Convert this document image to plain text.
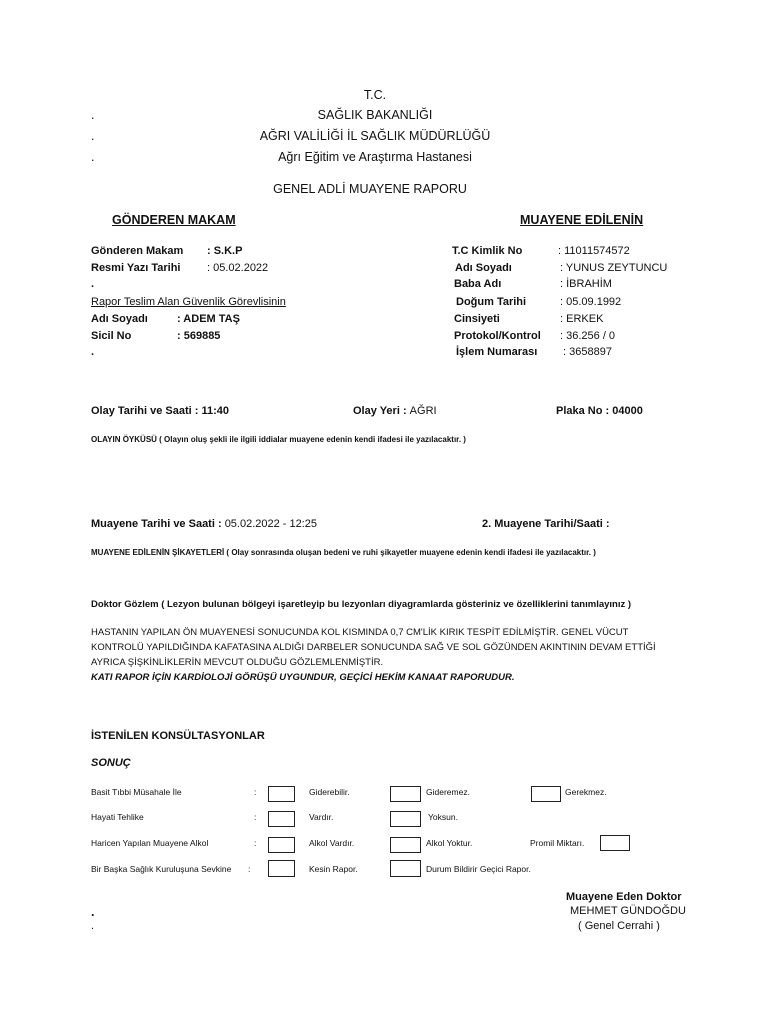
T.C.
.	SAĞLIK BAKANLIĞI
.	AĞRI VALİLİĞİ İL SAĞLIK MÜDÜRLÜĞÜ
.	Ağrı Eğitim ve Araştırma Hastanesi
GENEL ADLİ MUAYENE RAPORU
GÖNDEREN MAKAM	MUAYENE EDİLENİN
Gönderen Makam : S.K.P
Resmi Yazı Tarihi : 05.02.2022
.
Rapor Teslim Alan Güvenlik Görevlisinin
Adı Soyadı	: ADEM TAŞ
Sicil No	: 569885
.
T.C Kimlik No	: 11011574572
Adı Soyadı	: YUNUS ZEYTUNCU
Baba Adı	: İBRAHİM
Doğum Tarihi	: 05.09.1992
Cinsiyeti	: ERKEK
Protokol/Kontrol : 36.256 / 0
İşlem Numarası : 3658897
Olay Tarihi ve Saati : 11:40	Olay Yeri : AĞRI	Plaka No : 04000
OLAYIN ÖYKÜSÜ ( Olayın oluş şekli ile ilgili iddialar muayene edenin kendi ifadesi ile yazılacaktır. )
Muayene Tarihi ve Saati : 05.02.2022 - 12:25	2. Muayene Tarihi/Saati :
MUAYENE EDİLENİN ŞİKAYETLERİ ( Olay sonrasında oluşan bedeni ve ruhi şikayetler muayene edenin kendi ifadesi ile yazılacaktır. )
Doktor Gözlem ( Lezyon bulunan bölgeyi işaretleyip bu lezyonları diyagramlarda gösteriniz ve özelliklerini tanımlayınız )
HASTANIN YAPILAN ÖN MUAYENESİ SONUCUNDA KOL KISMINDA 0,7 CM'LİK KIRIK TESPİT EDİLMİŞTİR. GENEL VÜCUT
KONTROLÜ YAPILDIĞINDA KAFATASINA ALDIĞI DARBELER SONUCUNDA SAĞ VE SOL GÖZÜNDEN AKINTININ DEVAM ETTİĞİ
AYRICA ŞİŞKİNLİKLERİN MEVCUT OLDUĞU GÖZLEMLENMİŞTİR.
KATI RAPOR İÇİN KARDİOLOJİ GÖRÜŞÜ UYGUNDUR, GEÇİCİ HEKİM KANAAT RAPORUDUR.
İSTENİLEN KONSÜLTASYONLAR
SONUÇ
Basit Tıbbi Müsahale İle	:	Giderebilir.	Gideremez.	Gerekmez.
Hayati Tehlike	:	Vardır.	Yoksun.
Haricen Yapılan Muayene Alkol	:	Alkol Vardır.	Alkol Yoktur.	Promil Miktarı.
Bir Başka Sağlık Kuruluşuna Sevkine :	Kesin Rapor.	Durum Bildirir Geçici Rapor.
Muayene Eden Doktor
MEHMET GÜNDOĞDU
( Genel Cerrahi )
.
.
